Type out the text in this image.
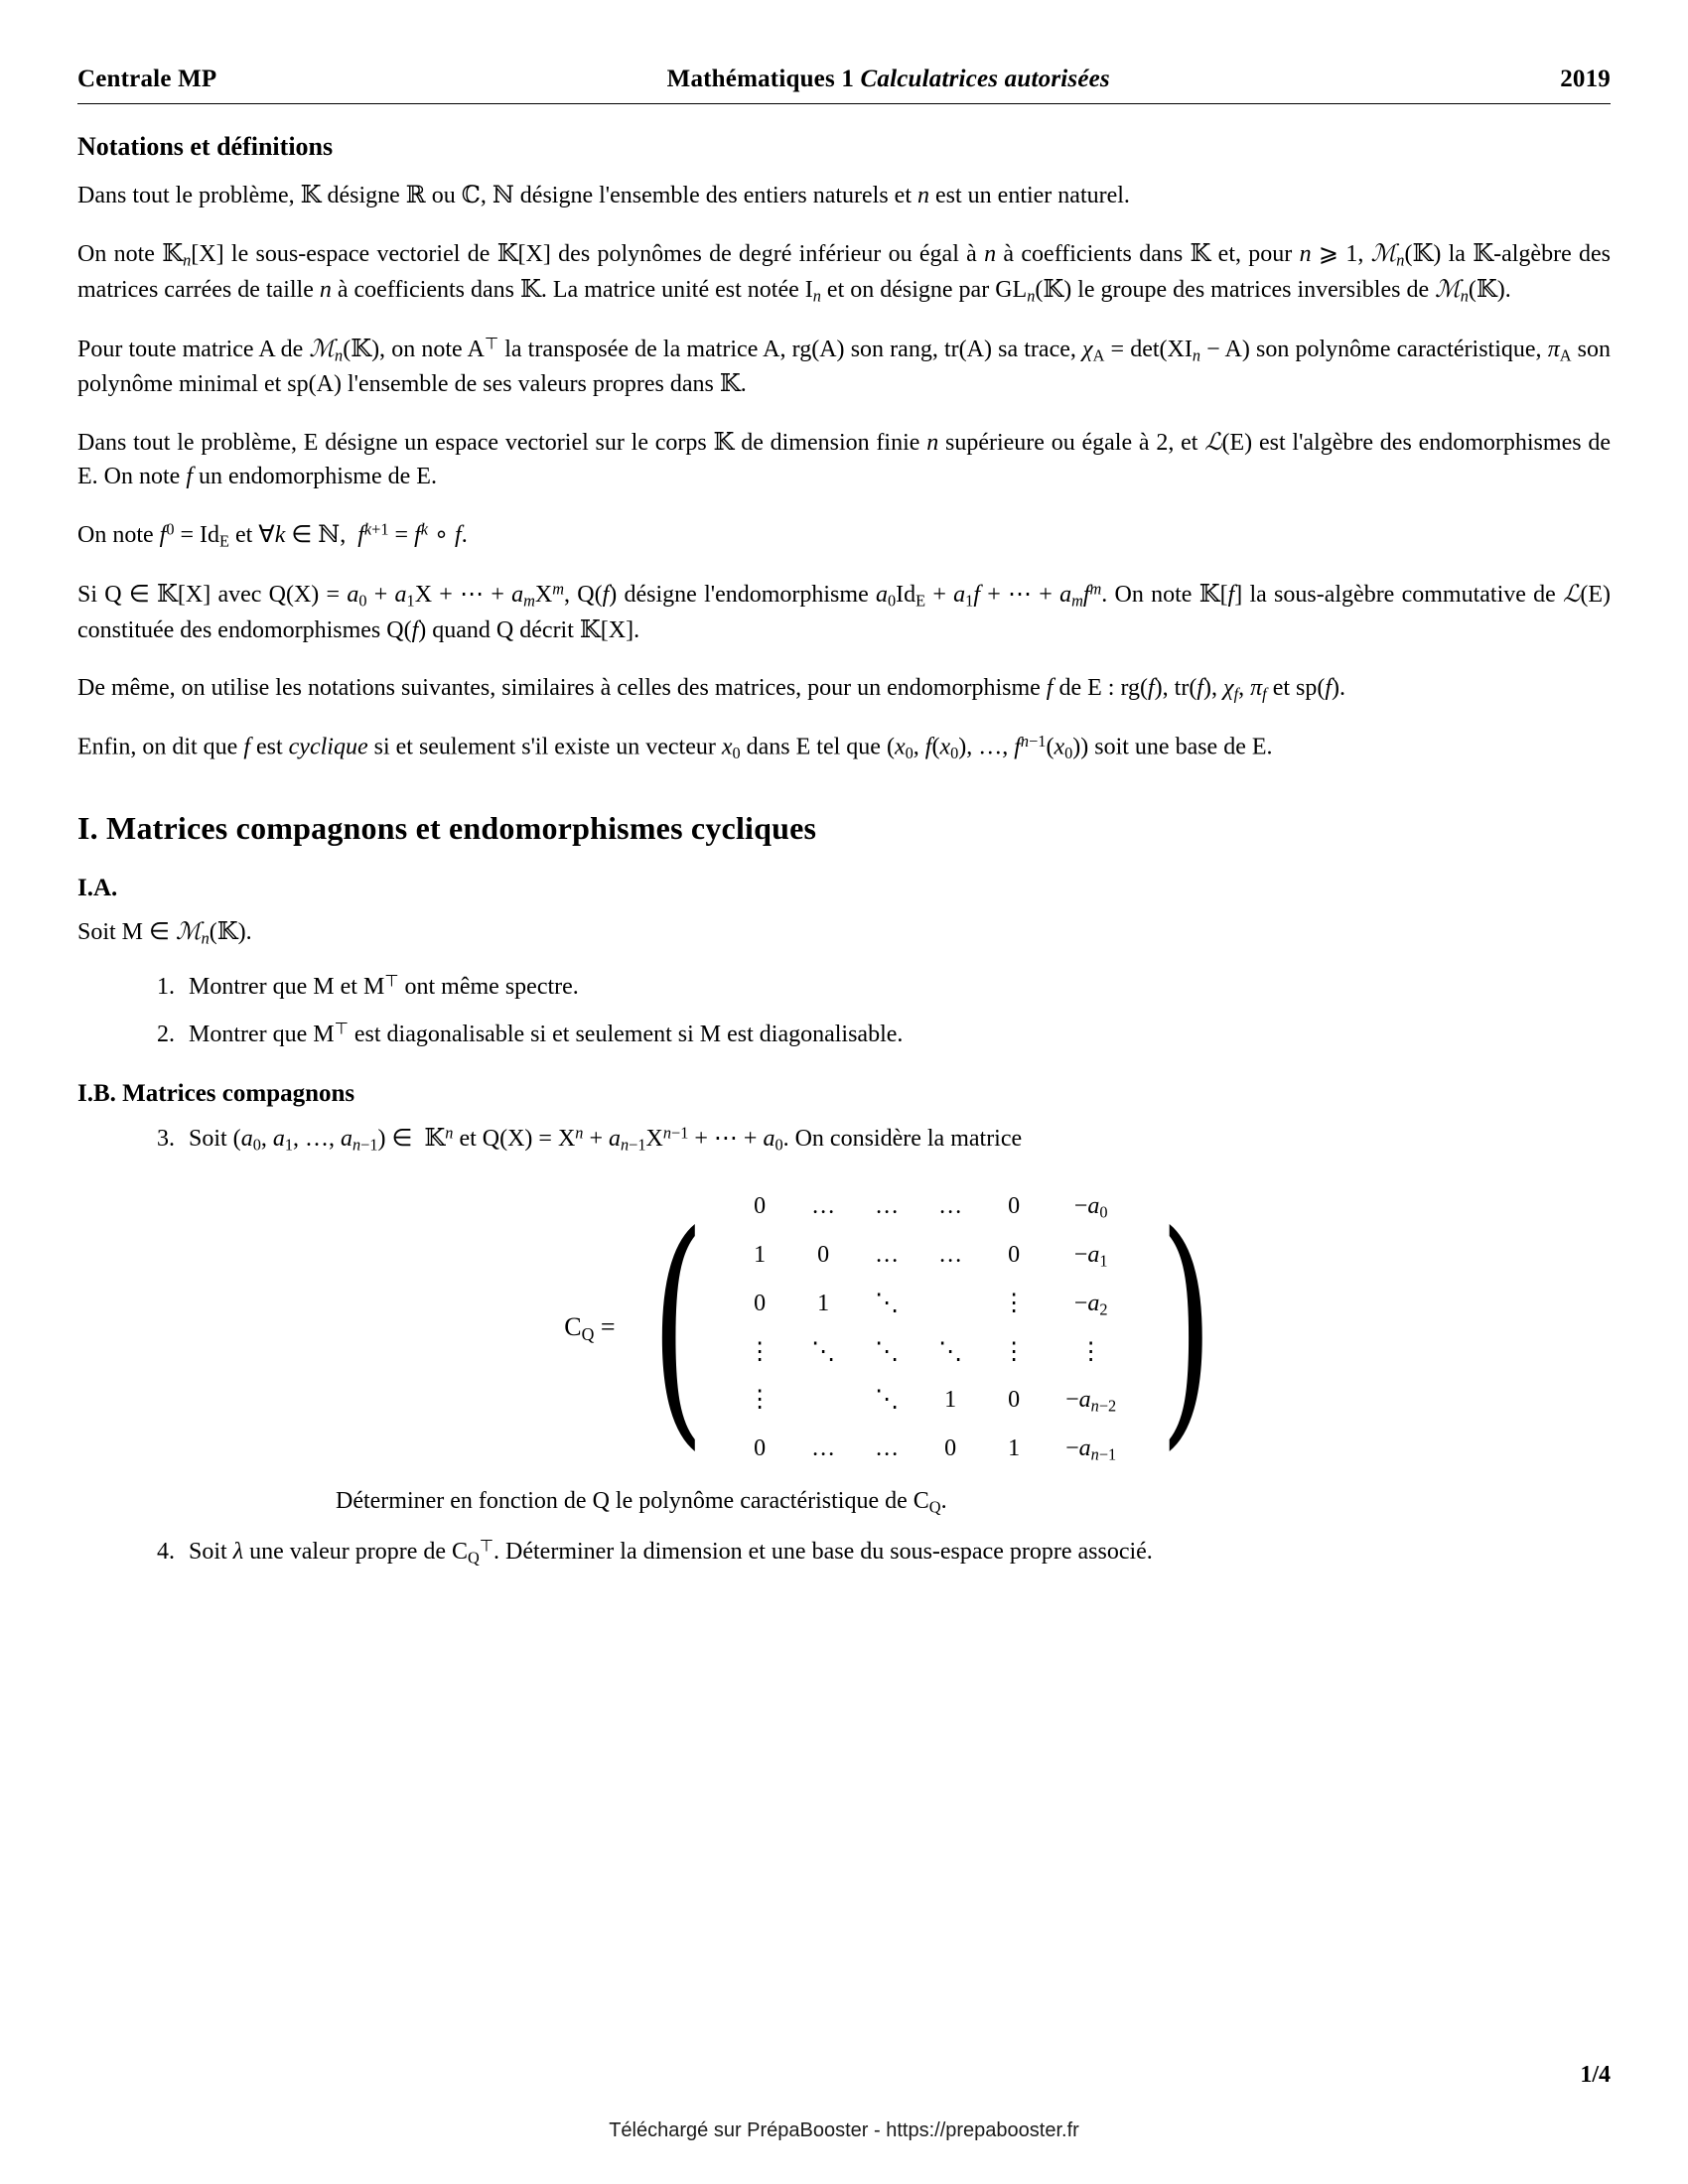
Centrale MP	Mathématiques 1 Calculatrices autorisées	2019
Notations et définitions

Dans tout le problème, 𝕂 désigne ℝ ou ℂ, ℕ désigne l'ensemble des entiers naturels et n est un entier naturel.

On note 𝕂$_n$[X] le sous-espace vectoriel de 𝕂[X] des polynômes de degré inférieur ou égal à n à coefficients dans 𝕂 et, pour n ⩾ 1, ℳ$_n$(𝕂) la 𝕂-algèbre des matrices carrées de taille n à coefficients dans 𝕂. La matrice unité est notée $I_n$ et on désigne par $GL_n(𝕂)$ le groupe des matrices inversibles de ℳ$_n$(𝕂).

Pour toute matrice A de ℳ$_n$(𝕂), on note A⊤ la transposée de la matrice A, rg(A) son rang, tr(A) sa trace, $\chi_A = \det(XI_n - A)$ son polynôme caractéristique, $\pi_A$ son polynôme minimal et sp(A) l'ensemble de ses valeurs propres dans 𝕂.

Dans tout le problème, E désigne un espace vectoriel sur le corps 𝕂 de dimension finie n supérieure ou égale à 2, et ℒ(E) est l'algèbre des endomorphismes de E. On note f un endomorphisme de E.

On note $f^0 = Id_E$ et ∀k ∈ ℕ,  $f^{k+1} = f^k$ ∘ f.

Si Q ∈ 𝕂[X] avec $Q(X) = a_0 + a_1X$ + ⋯ + $a_mX^m$, Q(f) désigne l'endomorphisme $a_0Id_E + a_1f$ + ⋯ + $a_mf^m$. On note 𝕂[f] la sous-algèbre commutative de ℒ(E) constituée des endomorphismes Q(f) quand Q décrit 𝕂[X].

De même, on utilise les notations suivantes, similaires à celles des matrices, pour un endomorphisme f de E : rg(f), tr(f), $\chi_f$, $\pi_f$ et sp(f).

Enfin, on dit que f est cyclique si et seulement s'il existe un vecteur $x_0$ dans E tel que ($x_0$, $f(x_0)$, …, $f^{n-1}(x_0)$) soit une base de E.

I. Matrices compagnons et endomorphismes cycliques
I.A.

Soit M ∈ ℳ$_n$(𝕂).

1. Montrer que M et M⊤ ont même spectre.
2. Montrer que M⊤ est diagonalisable si et seulement si M est diagonalisable.
I.B. Matrices compagnons
3. Soit ($a_0$, $a_1$, …, $a_{n-1}$) ∈  𝕂$^n$ et $Q(X) = X^n + a_{n-1}X^{n-1}$ + ⋯ + $a_0$. On considère la matrice
$C_Q$ = ( 0	…	…	…	0	$-a_0$
1	0	…	…	0	$-a_1$
0	1	⋱		⋮	$-a_2$
⋮	⋱	⋱	⋱	⋮	⋮
⋮		⋱	1	0	$-a_{n-2}$
0	…	…	0	1	$-a_{n-1}$ )
Déterminer en fonction de Q le polynôme caractéristique de $C_Q$.
4. Soit λ une valeur propre de $C_Q^⊤$. Déterminer la dimension et une base du sous-espace propre associé.
1/4
Téléchargé sur PrépaBooster - https://prepabooster.fr
